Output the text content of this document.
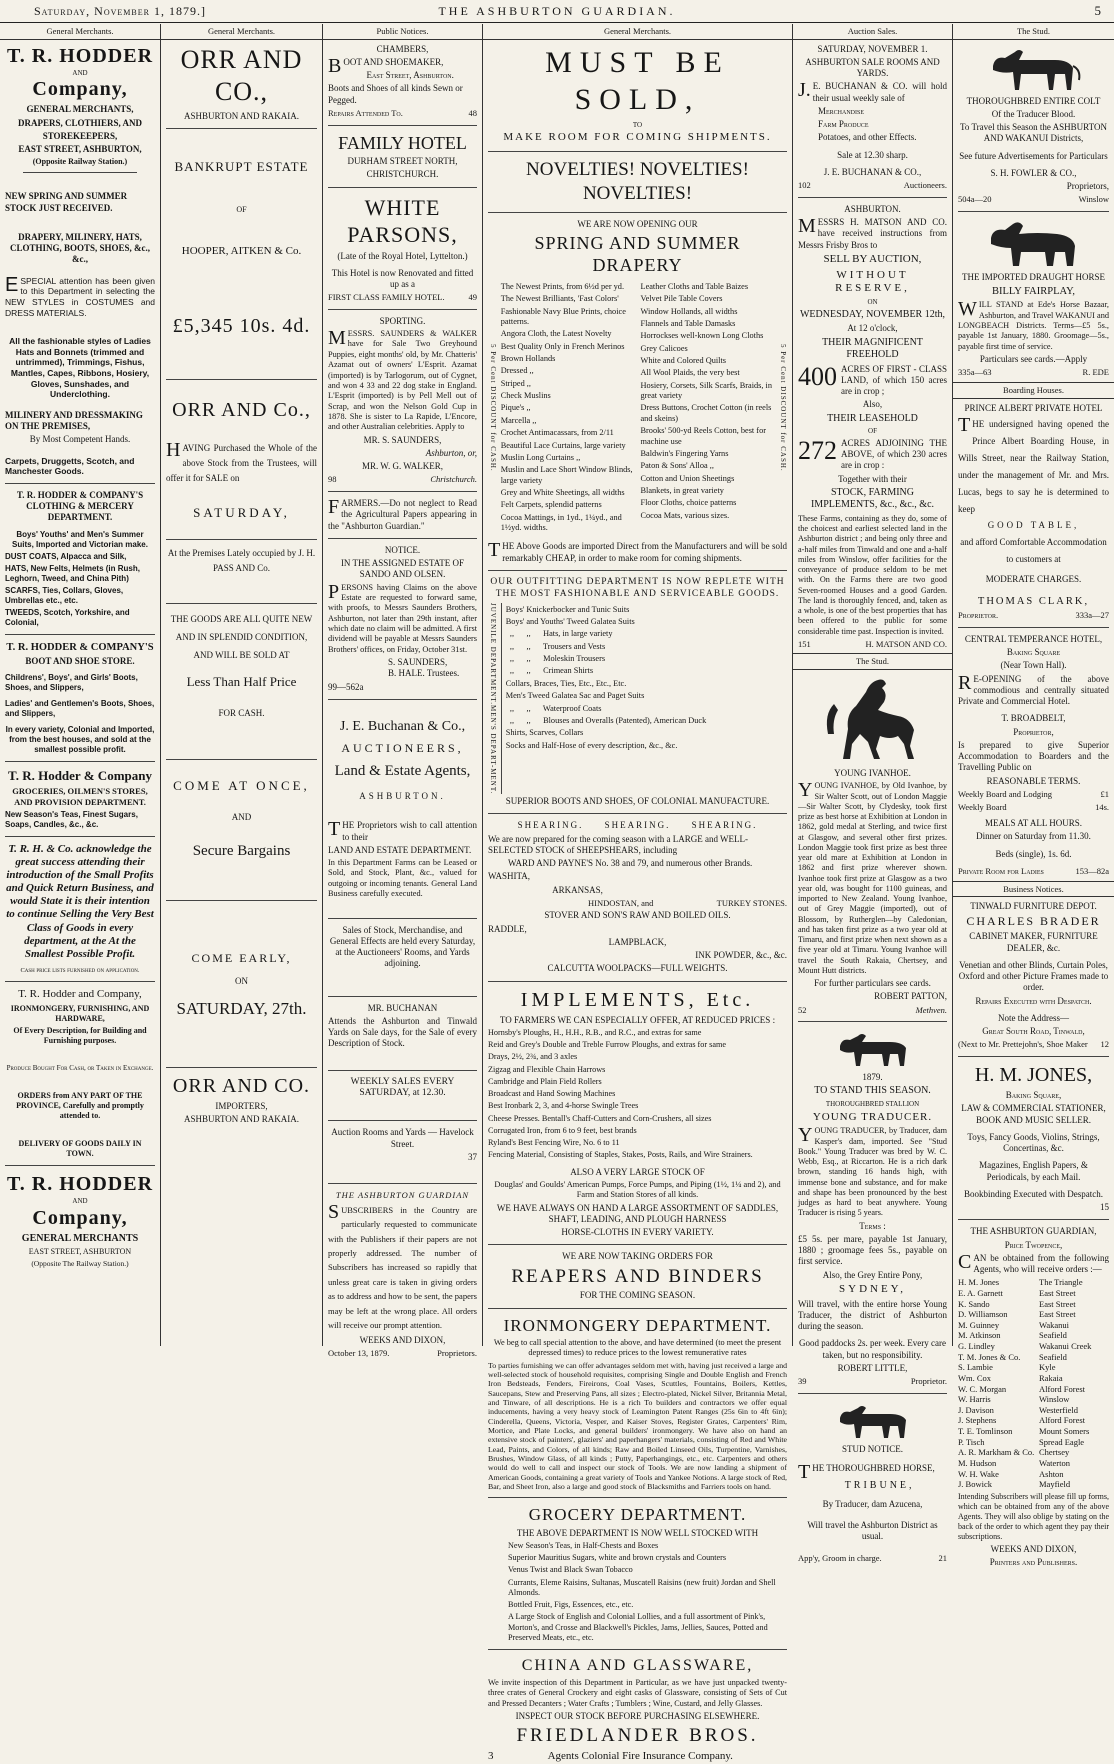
Saturday, November 1, 1879.]	THE ASHBURTON GUARDIAN.	5
General Merchants.
T. R. HODDER
AND
Company,

GENERAL MERCHANTS,

DRAPERS, CLOTHIERS, AND

STOREKEEPERS,

EAST STREET, ASHBURTON,

(Opposite Railway Station.)

NEW SPRING AND SUMMER STOCK JUST RECEIVED.

DRAPERY, MILINERY, HATS, CLOTHING, BOOTS, SHOES, &c., &c.,

ESPECIAL attention has been given to this Department in selecting the NEW STYLES in COSTUMES and DRESS MATERIALS.

All the fashionable styles of Ladies Hats and Bonnets (trimmed and untrimmed), Trimmings, Fishus, Mantles, Capes, Ribbons, Hosiery, Gloves, Sunshades, and Underclothing.

MILINERY AND DRESSMAKING ON THE PREMISES,

By Most Competent Hands.

Carpets, Druggetts, Scotch, and Manchester Goods.

T. R. HODDER & COMPANY'S CLOTHING & MERCERY DEPARTMENT.

Boys' Youths' and Men's Summer Suits, Imported and Victorian make.

DUST COATS, Alpacca and Silk,

HATS, New Felts, Helmets (in Rush, Leghorn, Tweed, and China Pith)

SCARFS, Ties, Collars, Gloves, Umbrellas etc., etc.

TWEEDS, Scotch, Yorkshire, and Colonial,

T. R. HODDER & COMPANY'S

BOOT AND SHOE STORE.

Childrens', Boys', and Girls' Boots, Shoes, and Slippers,

Ladies' and Gentlemen's Boots, Shoes, and Slippers,

In every variety, Colonial and Imported, from the best houses, and sold at the smallest possible profit.

T. R. Hodder & Company

GROCERIES, OILMEN'S STORES, AND PROVISION DEPARTMENT.

New Season's Teas, Finest Sugars, Soaps, Candles, &c., &c.

T. R. H. & Co. acknowledge the great success attending their introduction of the Small Profits and Quick Return Business, and would State it is their intention to continue Selling the Very Best Class of Goods in every department, at the At the Smallest Possible Profit.

Cash price lists furnished on application.

T. R. Hodder and Company,

IRONMONGERY, FURNISHING, AND HARDWARE,

Of Every Description, for Building and Furnishing purposes.

Produce Bought For Cash, or Taken in Exchange.

ORDERS from ANY PART OF THE PROVINCE, Carefully and promptly attended to.

DELIVERY OF GOODS DAILY IN TOWN.

T. R. HODDER
AND
Company,

GENERAL MERCHANTS

EAST STREET, ASHBURTON

(Opposite The Railway Station.)

General Merchants.
ORR AND CO.,

ASHBURTON AND RAKAIA.

BANKRUPT ESTATE

OF

HOOPER, AITKEN & Co.

£5,345 10s. 4d.

ORR AND Co.,

HAVING Purchased the Whole of the above Stock from the Trustees, will offer it for SALE on

SATURDAY,

At the Premises Lately occupied by J. H. PASS AND Co.

THE GOODS ARE ALL QUITE NEW AND IN SPLENDID CONDITION, AND WILL BE SOLD AT

Less Than Half Price

FOR CASH.

COME AT ONCE,

AND

Secure Bargains

COME EARLY,

ON

SATURDAY, 27th.

ORR AND CO.

IMPORTERS,

ASHBURTON AND RAKAIA.

Public Notices.

CHAMBERS,

BOOT AND SHOEMAKER,

East Street, Ashburton.

Boots and Shoes of all kinds Sewn or Pegged.

Repairs Attended To.	48

FAMILY HOTEL

DURHAM STREET NORTH,

CHRISTCHURCH.

WHITE PARSONS,

(Late of the Royal Hotel, Lyttelton.)

This Hotel is now Renovated and fitted up as a

FIRST CLASS FAMILY HOTEL.	49

SPORTING.

MESSRS. SAUNDERS & WALKER have for Sale Two Greyhound Puppies, eight months' old, by Mr. Chatteris' Azamat out of owners' L'Esprit. Azamat (imported) is by Tarlogorum, out of Cygnet, and won 4 33 and 22 dog stake in England. L'Esprit (imported) is by Pell Mell out of Scrap, and won the Nelson Gold Cup in 1878. She is sister to La Rapide, L'Encore, and other Australian celebrities. Apply to

MR. S. SAUNDERS,

Ashburton, or,

MR. W. G. WALKER,

98	Christchurch.

FARMERS.—Do not neglect to Read the Agricultural Papers appearing in the "Ashburton Guardian."

NOTICE.

IN THE ASSIGNED ESTATE OF SANDO AND OLSEN.

PERSONS having Claims on the above Estate are requested to forward same, with proofs, to Messrs Saunders Brothers, Ashburton, not later than 29th instant, after which date no claim will be admitted. A first dividend will be payable at Messrs Saunders Brothers' offices, on Friday, October 31st.

S. SAUNDERS,
B. HALE. Trustees.

99—562a

J. E. Buchanan & Co.,
AUCTIONEERS,
Land & Estate Agents,

ASHBURTON.

THE Proprietors wish to call attention to their

LAND AND ESTATE DEPARTMENT.

In this Department Farms can be Leased or Sold, and Stock, Plant, &c., valued for outgoing or incoming tenants. General Land Business carefully executed.

Sales of Stock, Merchandise, and General Effects are held every Saturday, at the Auctioneers' Rooms, and Yards adjoining.

MR. BUCHANAN

Attends the Ashburton and Tinwald Yards on Sale days, for the Sale of every Description of Stock.

WEEKLY SALES EVERY SATURDAY, at 12.30.

Auction Rooms and Yards — Havelock Street.

37

THE ASHBURTON GUARDIAN

SUBSCRIBERS in the Country are particularly requested to communicate with the Publishers if their papers are not properly addressed. The number of Subscribers has increased so rapidly that unless great care is taken in giving orders as to address and how to be sent, the papers may be left at the wrong place. All orders will receive our prompt attention.

WEEKS AND DIXON,

October 13, 1879.	Proprietors.

General Merchants.
MUST BE SOLD,

TO

MAKE ROOM FOR COMING SHIPMENTS.

NOVELTIES! NOVELTIES! NOVELTIES!

WE ARE NOW OPENING OUR

SPRING AND SUMMER DRAPERY
5 Per Cent DISCOUNT for CASH.

The Newest Prints, from 6½d per yd.

The Newest Brilliants, 'Fast Colors'

Fashionable Navy Blue Prints, choice patterns.

Angora Cloth, the Latest Novelty

Best Quality Only in French Merinos

Brown Hollands

Dressed ,,

Striped ,,

Check Muslins

Pique's ,,

Marcella ,,

Crochet Antimacassars, from 2/11

Beautiful Lace Curtains, large variety

Muslin Long Curtains ,,

Muslin and Lace Short Window Blinds, large variety

Grey and White Sheetings, all widths

Felt Carpets, splendid patterns

Cocoa Mattings, in 1yd., 1¼yd., and 1½yd. widths.

Leather Cloths and Table Baizes

Velvet Pile Table Covers

Window Hollands, all widths

Flannels and Table Damasks

Horrockses well-known Long Cloths

Grey Calicoes

White and Colored Quilts

All Wool Plaids, the very best

Hosiery, Corsets, Silk Scarfs, Braids, in great variety

Dress Buttons, Crochet Cotton (in reels and skeins)

Brooks' 500-yd Reels Cotton, best for machine use

Baldwin's Fingering Yarns

Paton & Sons' Alloa ,,

Cotton and Union Sheetings

Blankets, in great variety

Floor Cloths, choice patterns

Cocoa Mats, various sizes.

5 Per Cent DISCOUNT for CASH.

THE Above Goods are imported Direct from the Manufacturers and will be sold remarkably CHEAP, in order to make room for coming shipments.

OUR OUTFITTING DEPARTMENT IS NOW REPLETE WITH THE MOST FASHIONABLE AND SERVICEABLE GOODS.

JUVENILE DEPARTMENT.
MEN'S DEPART-MENT.

Boys' Knickerbocker and Tunic Suits

Boys' and Youths' Tweed Galatea Suits

,,      ,,      Hats, in large variety

,,      ,,      Trousers and Vests

,,      ,,      Moleskin Trousers

,,      ,,      Crimean Shirts

Collars, Braces, Ties, Etc., Etc., Etc.

Men's Tweed Galatea Sac and Paget Suits

,,      ,,      Waterproof Coats

,,      ,,      Blouses and Overalls (Patented), American Duck

Shirts, Scarves, Collars

Socks and Half-Hose of every description, &c., &c.

SUPERIOR BOOTS AND SHOES, OF COLONIAL MANUFACTURE.

SHEARING.     SHEARING.     SHEARING.

We are now prepared for the coming season with a LARGE and WELL-SELECTED STOCK of SHEEPSHEARS, including

WARD AND PAYNE'S No. 38 and 79, and numerous other Brands.

WASHITA,

ARKANSAS,

HINDOSTAN, and	TURKEY STONES.

STOVER AND SON'S RAW AND BOILED OILS.

RADDLE,

LAMPBLACK,

INK POWDER, &c., &c.

CALCUTTA WOOLPACKS—FULL WEIGHTS.

IMPLEMENTS, Etc.

TO FARMERS WE CAN ESPECIALLY OFFER, AT REDUCED PRICES :

Hornsby's Ploughs, H., H.H., R.B., and R.C., and extras for same

Reid and Grey's Double and Treble Furrow Ploughs, and extras for same

Drays, 2½, 2¾, and 3 axles

Zigzag and Flexible Chain Harrows

Cambridge and Plain Field Rollers

Broadcast and Hand Sowing Machines

Best Ironbark 2, 3, and 4-horse Swingle Trees

Cheese Presses. Bentall's Chaff-Cutters and Corn-Crushers, all sizes

Corrugated Iron, from 6 to 9 feet, best brands

Ryland's Best Fencing Wire, No. 6 to 11

Fencing Material, Consisting of Staples, Stakes, Posts, Rails, and Wire Strainers.

ALSO A VERY LARGE STOCK OF

Douglas' and Goulds' American Pumps, Force Pumps, and Piping (1½, 1¼ and 2), and Farm and Station Stores of all kinds.

WE HAVE ALWAYS ON HAND A LARGE ASSORTMENT OF SADDLES, SHAFT, LEADING, AND PLOUGH HARNESS

HORSE-CLOTHS IN EVERY VARIETY.

WE ARE NOW TAKING ORDERS FOR

REAPERS AND BINDERS

FOR THE COMING SEASON.

IRONMONGERY DEPARTMENT.

We beg to call special attention to the above, and have determined (to meet the present depressed times) to reduce prices to the lowest remunerative rates

To parties furnishing we can offer advantages seldom met with, having just received a large and well-selected stock of household requisites, comprising Single and Double English and French Iron Bedsteads, Fenders, Fireirons, Coal Vases, Scuttles, Fountains, Boilers, Kettles, Saucepans, Stew and Preserving Pans, all sizes ; Electro-plated, Nickel Silver, Britannia Metal, and Tinware, of all descriptions. He is a rich To builders and contractors we offer equal inducements, having a very heavy stock of Leamington Patent Ranges (25s 6in to 4ft 6in); Cinderella, Queens, Victoria, Vesper, and Kaiser Stoves, Register Grates, Carpenters' Rim, Mortice, and Plate Locks, and general builders' ironmongery. We have also on hand an extensive stock of painters', glaziers' and paperhangers' materials, consisting of Red and White Lead, Paints, and Colors, of all kinds; Raw and Boiled Linseed Oils, Turpentine, Varnishes, Brushes, Window Glass, of all kinds ; Putty, Paperhangings, etc., etc. Carpenters and others would do well to call and inspect our stock of Tools. We are now landing a shipment of American Goods, containing a great variety of Tools and Yankee Notions. A large stock of Red, Bar, and Sheet Iron, also a large and good stock of Blacksmiths and Farriers tools on hand.

GROCERY DEPARTMENT.

THE ABOVE DEPARTMENT IS NOW WELL STOCKED WITH

New Season's Teas, in Half-Chests and Boxes

Superior Mauritius Sugars, white and brown crystals and Counters

Venus Twist and Black Swan Tobacco

Currants, Eleme Raisins, Sultanas, Muscatell Raisins (new fruit) Jordan and Shell Almonds.

Bottled Fruit, Figs, Essences, etc., etc.

A Large Stock of English and Colonial Lollies, and a full assortment of Pink's, Morton's, and Crosse and Blackwell's Pickles, Jams, Jellies, Sauces, Potted and Preserved Meats, etc., etc.

CHINA AND GLASSWARE,

We invite inspection of this Department in Particular, as we have just unpacked twenty-three crates of General Crockery and eight casks of Glassware, consisting of Sets of Cut and Pressed Decanters ; Water Crafts ; Tumblers ; Wine, Custard, and Jelly Glasses.

INSPECT OUR STOCK BEFORE PURCHASING ELSEWHERE.

FRIEDLANDER BROS.

3	Agents Colonial Fire Insurance Company.

Auction Sales.

SATURDAY, NOVEMBER 1.

ASHBURTON SALE ROOMS AND YARDS.

J.E. BUCHANAN & CO. will hold their usual weekly sale of

Merchandise

Farm Produce

Potatoes, and other Effects.

Sale at 12.30 sharp.

J. E. BUCHANAN & CO.,

102	Auctioneers.

ASHBURTON.

MESSRS H. MATSON AND CO. have received instructions from Messrs Frisby Bros to

SELL BY AUCTION,

WITHOUT RESERVE,

ON

WEDNESDAY, NOVEMBER 12th,

At 12 o'clock,

THEIR MAGNIFICENT FREEHOLD

400 ACRES OF FIRST - CLASS LAND, of which 150 acres are in crop ;

Also,

THEIR LEASEHOLD

OF

272 ACRES ADJOINING THE ABOVE, of which 230 acres are in crop :

Together with their

STOCK, FARMING IMPLEMENTS, &c., &c., &c.

These Farms, containing as they do, some of the choicest and earliest selected land in the Ashburton district ; and being only three and a-half miles from Tinwald and one and a-half miles from Winslow, offer facilities for the conveyance of produce seldom to be met with. On the Farms there are two good Seven-roomed Houses and a good Garden. The land is thoroughly fenced, and, taken as a whole, is one of the best properties that has been offered to the public for some considerable time past. Inspection is invited.

151	H. MATSON AND CO.

The Stud.

YOUNG IVANHOE.

YOUNG IVANHOE, by Old Ivanhoe, by Sir Walter Scott, out of London Maggie—Sir Walter Scott, by Clydesky, took first prize as best horse at Exhibition at London in 1862, gold medal at Sterling, and twice first at Glasgow, and several other first prizes. London Maggie took first prize as best three year old mare at Exhibition at London in 1862 and first prize wherever shown. Ivanhoe took first prize at Glasgow as a two year old, was bought for 1100 guineas, and imported to New Zealand. Young Ivanhoe, out of Grey Maggie (imported), out of Blossom, by Rutherglen—by Caledonian, and has taken first prize as a two year old at Timaru, and first prize when next shown as a five year old at Timaru. Young Ivanhoe will travel the South Rakaia, Chertsey, and Mount Hutt districts.

For further particulars see cards.

ROBERT PATTON,

52	Methven.

1879.

TO STAND THIS SEASON.

THOROUGHBRED STALLION

YOUNG TRADUCER.

YOUNG TRADUCER, by Traducer, dam Kasper's dam, imported. See "Stud Book." Young Traducer was bred by W. C. Webb, Esq., at Riccarton. He is a rich dark brown, standing 16 hands high, with immense bone and substance, and for make and shape has been pronounced by the best judges as hard to beat anywhere. Young Traducer is rising 5 years.

Terms :

£5 5s. per mare, payable 1st January, 1880 ; groomage fees 5s., payable on first service.

Also, the Grey Entire Pony,

SYDNEY,

Will travel, with the entire horse Young Traducer, the district of Ashburton during the season.

Good paddocks 2s. per week. Every care taken, but no responsibility.

ROBERT LITTLE,

39	Proprietor.

STUD NOTICE.

THE THOROUGHBRED HORSE,

TRIBUNE,

By Traducer, dam Azucena,

Will travel the Ashburton District as usual.

App'y, Groom in charge.	21

The Stud.

THOROUGHBRED ENTIRE COLT

Of the Traducer Blood.

To Travel this Season the ASHBURTON AND WAKANUI Districts,

See future Advertisements for Particulars

S. H. FOWLER & CO.,

Proprietors,

504a—20	Winslow

THE IMPORTED DRAUGHT HORSE

BILLY FAIRPLAY,

WILL STAND at Ede's Horse Bazaar, Ashburton, and Travel WAKANUI and LONGBEACH Districts. Terms—£5 5s., payable 1st January, 1880. Groomage—5s., payable first time of service.

Particulars see cards.—Apply

335a—63	R. EDE

Boarding Houses.

PRINCE ALBERT PRIVATE HOTEL

THE undersigned having opened the Prince Albert Boarding House, in Wills Street, near the Railway Station, under the management of Mr. and Mrs. Lucas, begs to say he is determined to keep

GOOD TABLE,

and afford Comfortable Accommodation to customers at

MODERATE CHARGES.

THOMAS CLARK,

Proprietor.	333a—27

CENTRAL TEMPERANCE HOTEL,

Baking Square

(Near Town Hall).

RE-OPENING of the above commodious and centrally situated Private and Commercial Hotel.

T. BROADBELT,

Proprietor,

Is prepared to give Superior Accommodation to Boarders and the Travelling Public on

REASONABLE TERMS.

Weekly Board and Lodging	£1

Weekly Board	14s.

MEALS AT ALL HOURS.

Dinner on Saturday from 11.30.

Beds (single), 1s. 6d.

Private Room for Ladies	153—82a

Business Notices.

TINWALD FURNITURE DEPOT.

CHARLES BRADER

CABINET MAKER, FURNITURE DEALER, &c.

Venetian and other Blinds, Curtain Poles, Oxford and other Picture Frames made to order.

Repairs Executed with Despatch.

Note the Address—

Great South Road, Tinwald,

(Next to Mr. Prettejohn's, Shoe Maker 12

H. M. JONES,

Baking Square,

LAW & COMMERCIAL STATIONER, BOOK AND MUSIC SELLER.

Toys, Fancy Goods, Violins, Strings, Concertinas, &c.

Magazines, English Papers, & Periodicals, by each Mail.

Bookbinding Executed with Despatch.

15

THE ASHBURTON GUARDIAN,

Price Twopence,

CAN be obtained from the following Agents, who will receive orders :—

H. M. Jones	The Triangle
E. A. Garnett	East Street
K. Sando	East Street
D. Williamson	East Street
M. Guinney	Wakanui
M. Atkinson	Seafield
G. Lindley	Wakanui Creek
T. M. Jones & Co.	Seafield
S. Lambie	Kyle
Wm. Cox	Rakaia
W. C. Morgan	Alford Forest
W. Harris	Winslow
J. Davison	Westerfield
J. Stephens	Alford Forest
T. E. Tomlinson	Mount Somers
P. Tisch	Spread Eagle
A. R. Markham & Co. Chertsey
M. Hudson	Waterton
W. H. Wake	Ashton
J. Bowick	Mayfield

Intending Subscribers will please fill up forms, which can be obtained from any of the above Agents. They will also oblige by stating on the back of the order to which agent they pay their subscriptions.

WEEKS AND DIXON,

Printers and Publishers.
